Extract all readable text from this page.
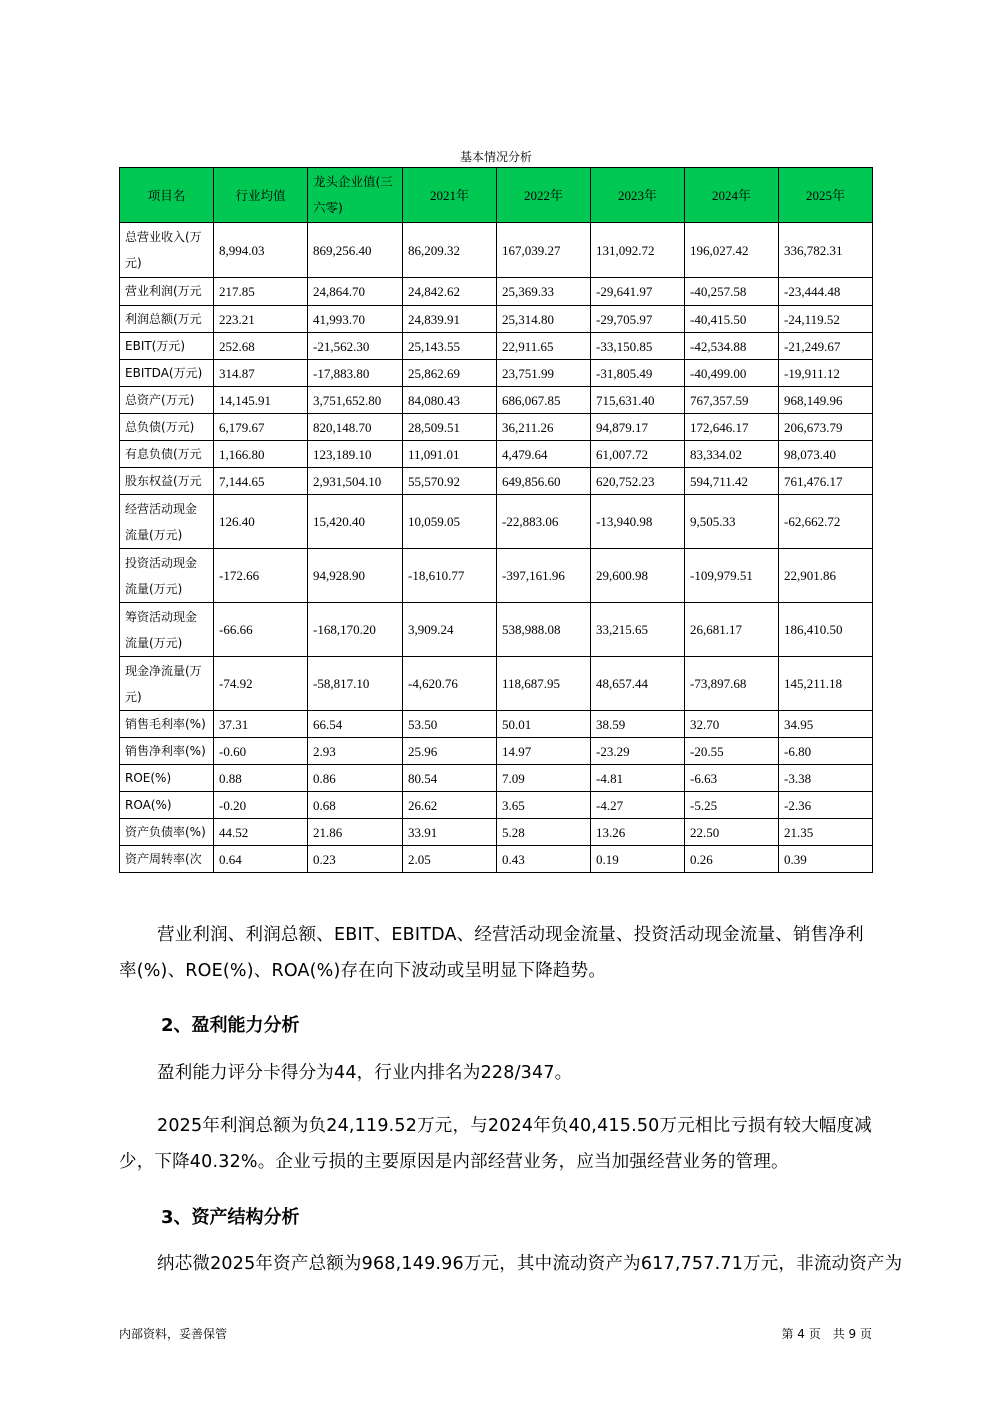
基本情况分析
项目名	行业均值	龙头企业值(三六零)	2021年	2022年	2023年	2024年	2025年
总营业收入(万元)	8,994.03	869,256.40	86,209.32	167,039.27	131,092.72	196,027.42	336,782.31
营业利润(万元	217.85	24,864.70	24,842.62	25,369.33	-29,641.97	-40,257.58	-23,444.48
利润总额(万元	223.21	41,993.70	24,839.91	25,314.80	-29,705.97	-40,415.50	-24,119.52
EBIT(万元)	252.68	-21,562.30	25,143.55	22,911.65	-33,150.85	-42,534.88	-21,249.67
EBITDA(万元)	314.87	-17,883.80	25,862.69	23,751.99	-31,805.49	-40,499.00	-19,911.12
总资产(万元)	14,145.91	3,751,652.80	84,080.43	686,067.85	715,631.40	767,357.59	968,149.96
总负债(万元)	6,179.67	820,148.70	28,509.51	36,211.26	94,879.17	172,646.17	206,673.79
有息负债(万元	1,166.80	123,189.10	11,091.01	4,479.64	61,007.72	83,334.02	98,073.40
股东权益(万元	7,144.65	2,931,504.10	55,570.92	649,856.60	620,752.23	594,711.42	761,476.17
经营活动现金流量(万元)	126.40	15,420.40	10,059.05	-22,883.06	-13,940.98	9,505.33	-62,662.72
投资活动现金流量(万元)	-172.66	94,928.90	-18,610.77	-397,161.96	29,600.98	-109,979.51	22,901.86
筹资活动现金流量(万元)	-66.66	-168,170.20	3,909.24	538,988.08	33,215.65	26,681.17	186,410.50
现金净流量(万元)	-74.92	-58,817.10	-4,620.76	118,687.95	48,657.44	-73,897.68	145,211.18
销售毛利率(%)	37.31	66.54	53.50	50.01	38.59	32.70	34.95
销售净利率(%)	-0.60	2.93	25.96	14.97	-23.29	-20.55	-6.80
ROE(%)	0.88	0.86	80.54	7.09	-4.81	-6.63	-3.38
ROA(%)	-0.20	0.68	26.62	3.65	-4.27	-5.25	-2.36
资产负债率(%)	44.52	21.86	33.91	5.28	13.26	22.50	21.35
资产周转率(次	0.64	0.23	2.05	0.43	0.19	0.26	0.39
营业利润、利润总额、EBIT、EBITDA、经营活动现金流量、投资活动现金流量、销售净利率(%)、ROE(%)、ROA(%)存在向下波动或呈明显下降趋势。
2、盈利能力分析
盈利能力评分卡得分为44，行业内排名为228/347。
2025年利润总额为负24,119.52万元，与2024年负40,415.50万元相比亏损有较大幅度减少，下降40.32%。企业亏损的主要原因是内部经营业务，应当加强经营业务的管理。
3、资产结构分析
纳芯微2025年资产总额为968,149.96万元，其中流动资产为617,757.71万元，非流动资产为
内部资料，妥善保管	第 4 页　共 9 页
